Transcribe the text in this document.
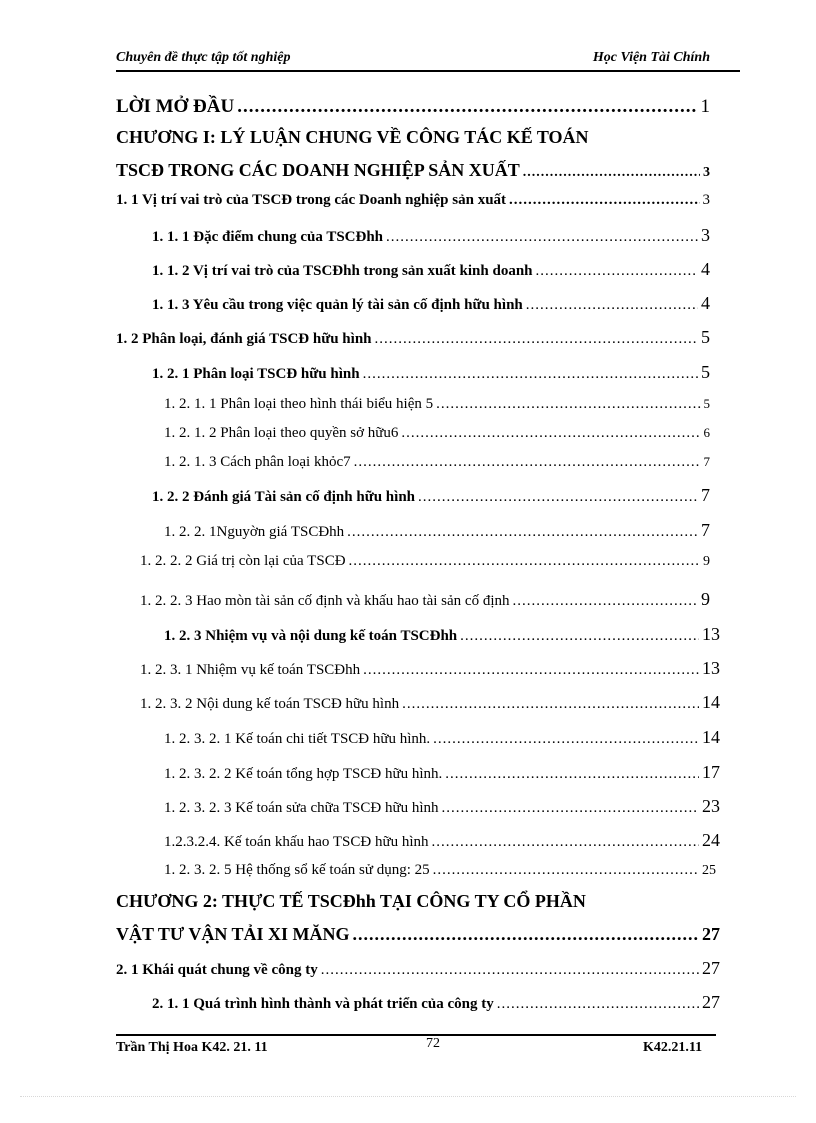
Chuyên đề thực tập tốt nghiệp	Học Viện Tài Chính
LỜI MỞ ĐẦU .....	1
CHƯƠNG I: LÝ LUẬN CHUNG VỀ CÔNG TÁC KẾ TOÁN
TSCĐ TRONG CÁC DOANH NGHIỆP SẢN XUẤT .....	3
1. 1 Vị trí vai trò của TSCĐ trong các Doanh nghiệp sản xuất .....	3
1. 1. 1 Đặc điểm chung của TSCĐhh .....	3
1. 1. 2 Vị trí vai trò của TSCĐhh trong sản xuất kinh doanh .....	4
1. 1. 3 Yêu cầu trong việc quản lý tài sản cố định hữu hình .....	4
1. 2 Phân loại, đánh giá TSCĐ hữu hình .....	5
1. 2. 1 Phân loại TSCĐ hữu hình .....	5
1. 2. 1. 1 Phân loại theo hình thái biểu hiện 5 .....	5
1. 2. 1. 2 Phân loại theo quyền sở hữu6 .....	6
1. 2. 1. 3 Cách phân loại khỏc7 .....	7
1. 2. 2 Đánh giá Tài sản cố định hữu hình .....	7
1. 2. 2. 1Nguyờn giá TSCĐhh .....	7
1. 2. 2. 2 Giá trị còn lại của TSCĐ .....	9
1. 2. 2. 3 Hao mòn tài sản cố định và khấu hao tài sản cố định .....	9
1. 2. 3 Nhiệm vụ và nội dung kế toán TSCĐhh .....	13
1. 2. 3. 1 Nhiệm vụ kế toán TSCĐhh .....	13
1. 2. 3. 2 Nội dung kế toán TSCĐ hữu hình .....	14
1. 2. 3. 2. 1 Kế toán chi tiết TSCĐ hữu hình. .....	14
1. 2. 3. 2. 2 Kế toán tổng hợp TSCĐ hữu hình. .....	17
1. 2. 3. 2. 3 Kế toán sửa chữa TSCĐ hữu hình .....	23
1.2.3.2.4. Kế toán khấu hao TSCĐ hữu hình .....	24
1. 2. 3. 2. 5 Hệ thống sổ kế toán sử dụng: 25 .....	25
CHƯƠNG 2: THỰC TẾ TSCĐhh TẠI CÔNG TY CỔ PHẦN
VẬT TƯ VẬN TẢI XI MĂNG .....	27
2. 1 Khái quát chung về công ty .....	27
2. 1. 1 Quá trình hình thành và phát triển của công ty .....	27
Trần Thị Hoa K42. 21. 11	72	K42.21.11
